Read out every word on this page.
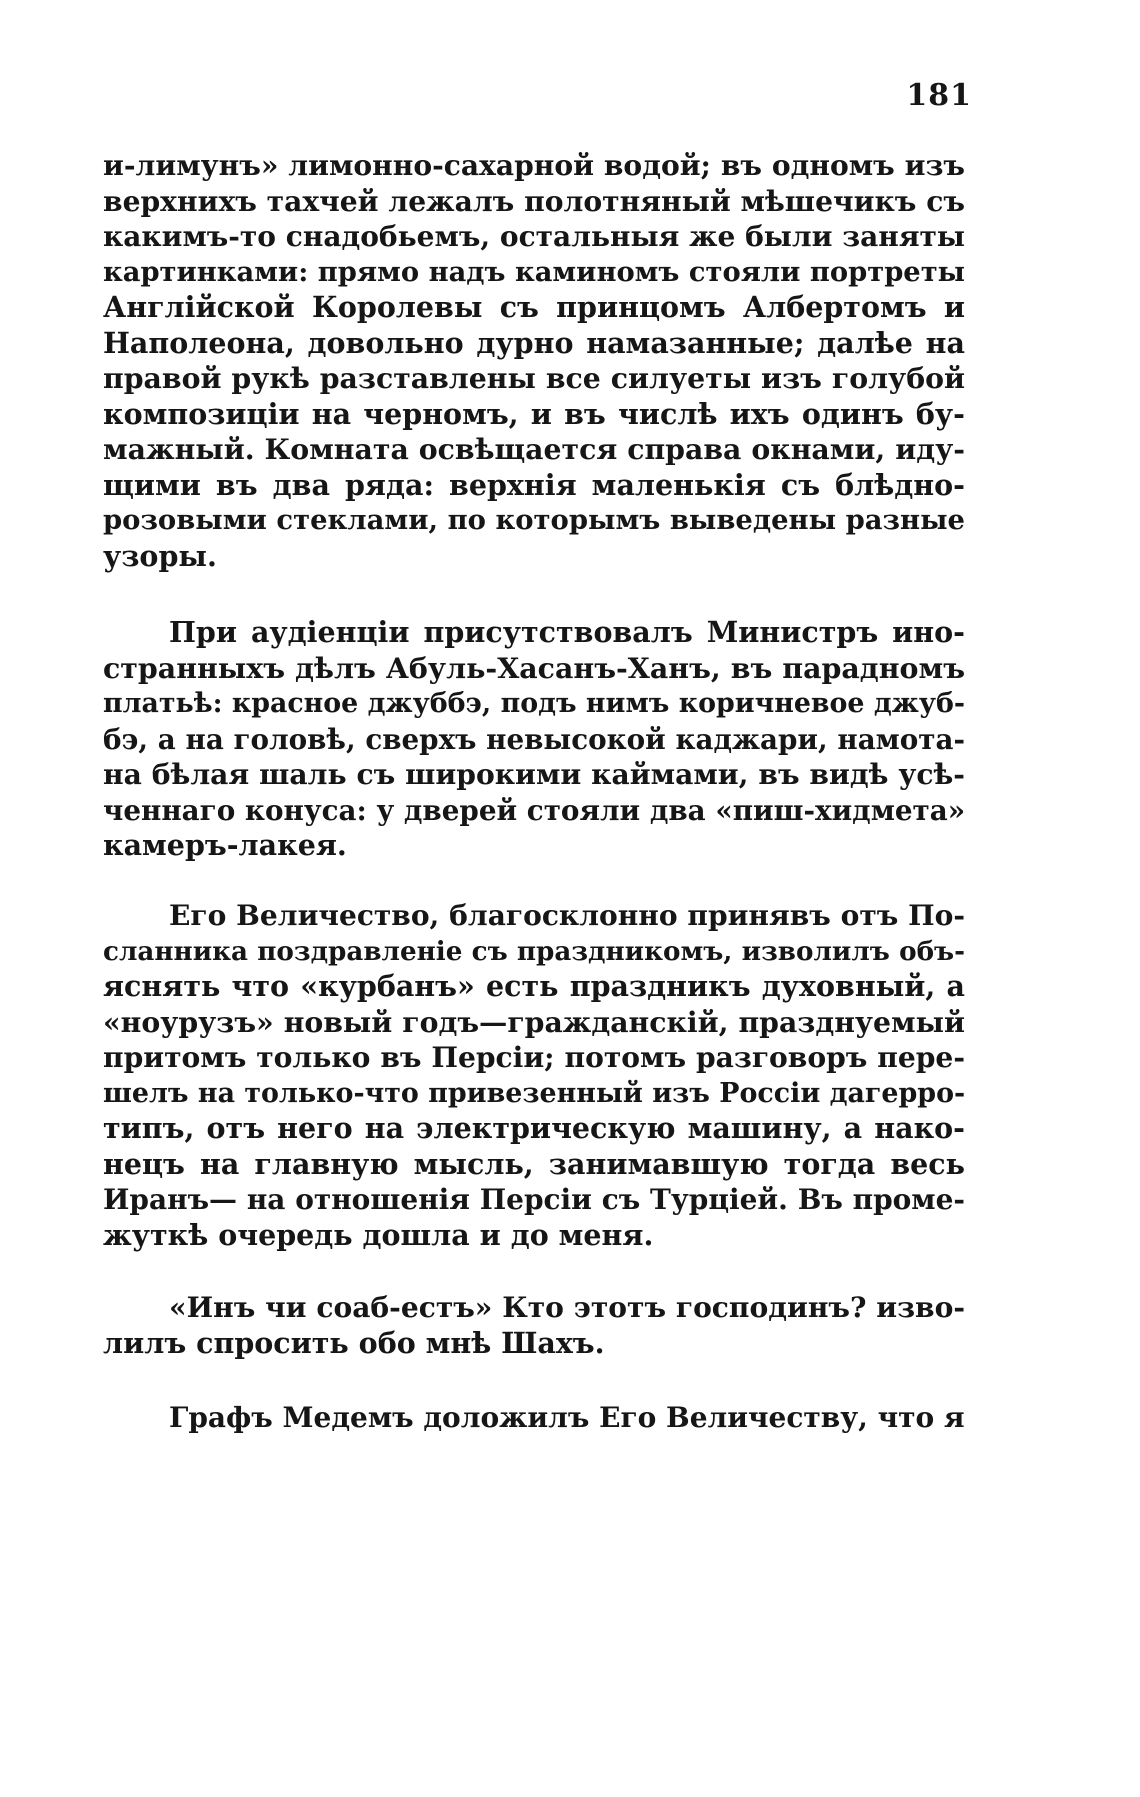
181
и-лимунъ» лимонно-сахарной водой; въ одномъ изъ
верхнихъ тахчей лежалъ полотняный мѣшечикъ съ
какимъ-то снадобьемъ, остальныя же были заняты
картинками: прямо надъ каминомъ стояли портреты
Англійской Королевы съ принцомъ Албертомъ и
Наполеона, довольно дурно намазанные; далѣе на
правой рукѣ разставлены все силуеты изъ голубой
композиціи на черномъ, и въ числѣ ихъ одинъ бу-
мажный. Комната освѣщается справа окнами, иду-
щими въ два ряда: верхнія маленькія съ блѣдно-
розовыми стеклами, по которымъ выведены разные
узоры.
При аудіенціи присутствовалъ Министръ ино-
странныхъ дѣлъ Абуль-Хасанъ-Ханъ, въ парадномъ
платьѣ: красное джуббэ, подъ нимъ коричневое джуб-
бэ, а на головѣ, сверхъ невысокой каджари, намота-
на бѣлая шаль съ широкими каймами, въ видѣ усѣ-
ченнаго конуса: у дверей стояли два «пиш-хидмета»
камеръ-лакея.
Его Величество, благосклонно принявъ отъ По-
сланника поздравленіе съ праздникомъ, изволилъ объ-
яснять что «курбанъ» есть праздникъ духовный, а
«ноурузъ» новый годъ—гражданскій, празднуемый
притомъ только въ Персіи; потомъ разговоръ пере-
шелъ на только-что привезенный изъ Россіи дагерро-
типъ, отъ него на электрическую машину, а нако-
нецъ на главную мысль, занимавшую тогда весь
Иранъ— на отношенія Персіи съ Турціей. Въ проме-
жуткѣ очередь дошла и до меня.
«Инъ чи соаб-естъ» Кто этотъ господинъ? изво-
лилъ спросить обо мнѣ Шахъ.
Графъ Медемъ доложилъ Его Величеству, что я
